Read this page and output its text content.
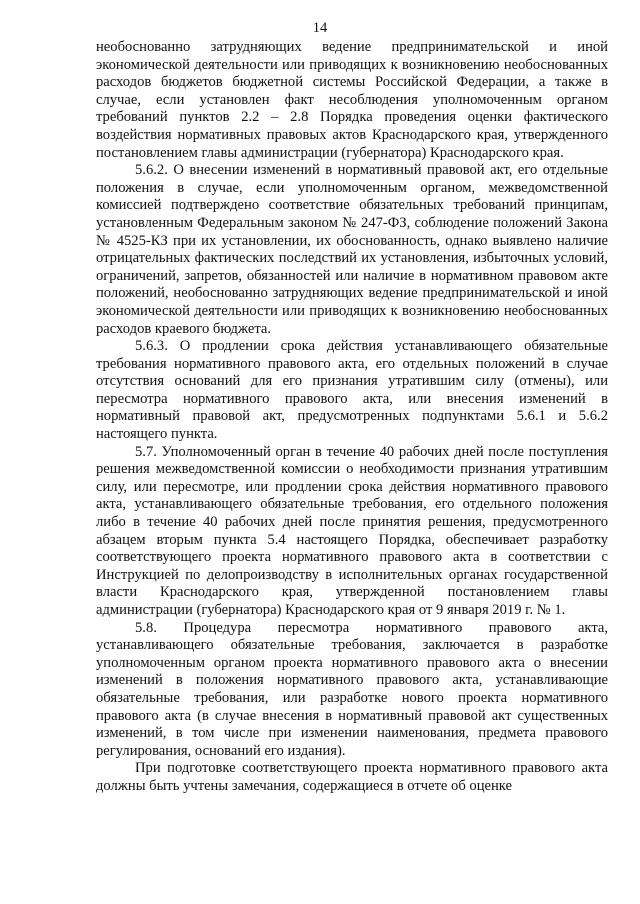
14

необоснованно затрудняющих ведение предпринимательской и иной экономической деятельности или приводящих к возникновению необоснованных расходов бюджетов бюджетной системы Российской Федерации, а также в случае, если установлен факт несоблюдения уполномоченным органом требований пунктов 2.2 – 2.8 Порядка проведения оценки фактического воздействия нормативных правовых актов Краснодарского края, утвержденного постановлением главы администрации (губернатора) Краснодарского края.

5.6.2. О внесении изменений в нормативный правовой акт, его отдельные положения в случае, если уполномоченным органом, межведомственной комиссией подтверждено соответствие обязательных требований принципам, установленным Федеральным законом № 247-ФЗ, соблюдение положений Закона № 4525-КЗ при их установлении, их обоснованность, однако выявлено наличие отрицательных фактических последствий их установления, избыточных условий, ограничений, запретов, обязанностей или наличие в нормативном правовом акте положений, необоснованно затрудняющих ведение предпринимательской и иной экономической деятельности или приводящих к возникновению необоснованных расходов краевого бюджета.

5.6.3. О продлении срока действия устанавливающего обязательные требования нормативного правового акта, его отдельных положений в случае отсутствия оснований для его признания утратившим силу (отмены), или пересмотра нормативного правового акта, или внесения изменений в нормативный правовой акт, предусмотренных подпунктами 5.6.1 и 5.6.2 настоящего пункта.

5.7. Уполномоченный орган в течение 40 рабочих дней после поступления решения межведомственной комиссии о необходимости признания утратившим силу, или пересмотре, или продлении срока действия нормативного правового акта, устанавливающего обязательные требования, его отдельного положения либо в течение 40 рабочих дней после принятия решения, предусмотренного абзацем вторым пункта 5.4 настоящего Порядка, обеспечивает разработку соответствующего проекта нормативного правового акта в соответствии с Инструкцией по делопроизводству в исполнительных органах государственной власти Краснодарского края, утвержденной постановлением главы администрации (губернатора) Краснодарского края от 9 января 2019 г. № 1.

5.8. Процедура пересмотра нормативного правового акта, устанавливающего обязательные требования, заключается в разработке уполномоченным органом проекта нормативного правового акта о внесении изменений в положения нормативного правового акта, устанавливающие обязательные требования, или разработке нового проекта нормативного правового акта (в случае внесения в нормативный правовой акт существенных изменений, в том числе при изменении наименования, предмета правового регулирования, оснований его издания).

При подготовке соответствующего проекта нормативного правового акта должны быть учтены замечания, содержащиеся в отчете об оценке
